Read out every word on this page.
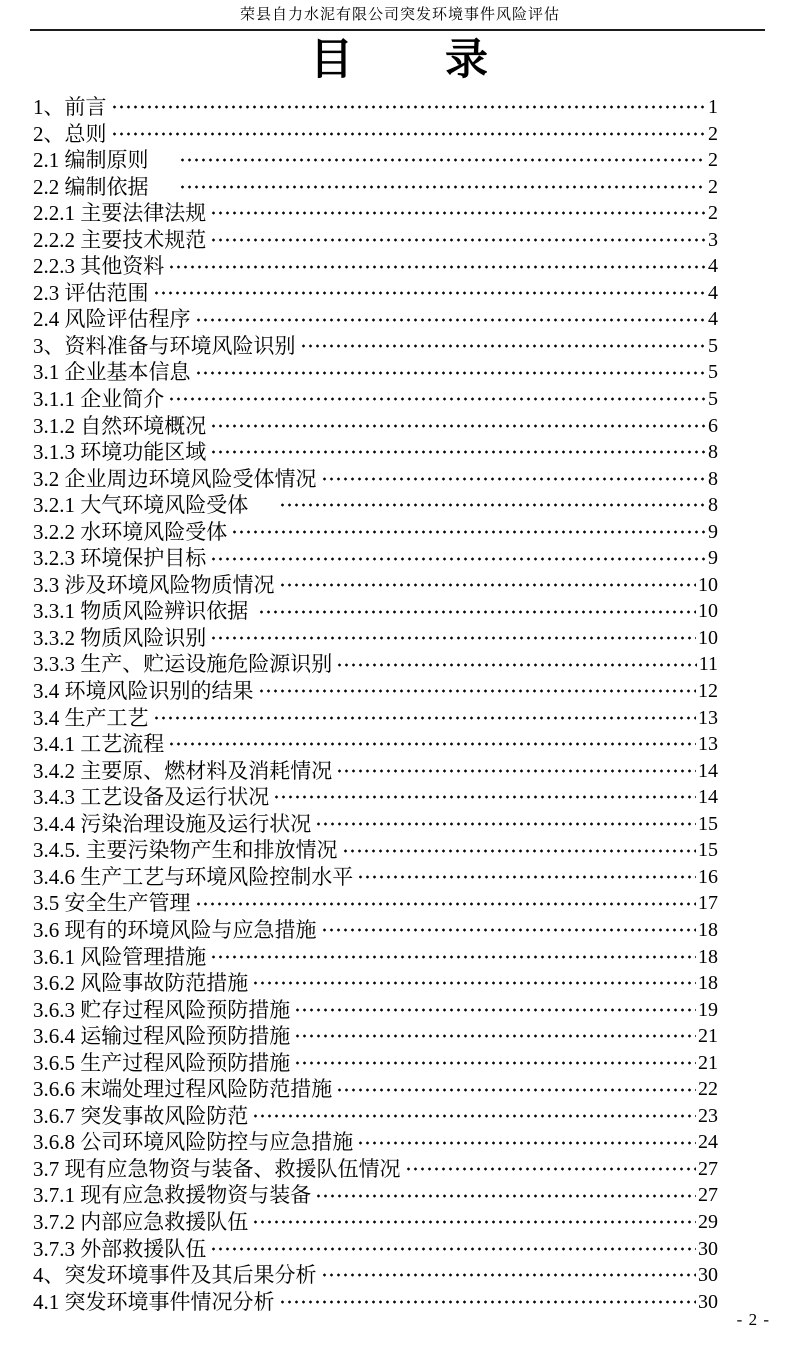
荣县自力水泥有限公司突发环境事件风险评估
目　　录
1、前言	1
2、总则	2
2.1 编制原则 　	2
2.2 编制依据 　	2
2.2.1 主要法律法规	2
2.2.2 主要技术规范	3
2.2.3 其他资料	4
2.3 评估范围	4
2.4 风险评估程序	4
3、资料准备与环境风险识别	5
3.1 企业基本信息	5
3.1.1 企业简介	5
3.1.2 自然环境概况	6
3.1.3 环境功能区域	8
3.2 企业周边环境风险受体情况	8
3.2.1 大气环境风险受体 　	8
3.2.2 水环境风险受体	9
3.2.3 环境保护目标	9
3.3 涉及环境风险物质情况	10
3.3.1 物质风险辨识依据	10
3.3.2 物质风险识别	10
3.3.3 生产、贮运设施危险源识别	11
3.4 环境风险识别的结果	12
3.4 生产工艺	13
3.4.1 工艺流程	13
3.4.2 主要原、燃材料及消耗情况	14
3.4.3 工艺设备及运行状况	14
3.4.4 污染治理设施及运行状况	15
3.4.5. 主要污染物产生和排放情况	15
3.4.6 生产工艺与环境风险控制水平	16
3.5 安全生产管理	17
3.6 现有的环境风险与应急措施	18
3.6.1 风险管理措施	18
3.6.2 风险事故防范措施	18
3.6.3 贮存过程风险预防措施	19
3.6.4 运输过程风险预防措施	21
3.6.5 生产过程风险预防措施	21
3.6.6 末端处理过程风险防范措施	22
3.6.7 突发事故风险防范	23
3.6.8 公司环境风险防控与应急措施	24
3.7 现有应急物资与装备、救援队伍情况	27
3.7.1 现有应急救援物资与装备	27
3.7.2 内部应急救援队伍	29
3.7.3 外部救援队伍	30
4、突发环境事件及其后果分析	30
4.1 突发环境事件情况分析	30
- 2 -
